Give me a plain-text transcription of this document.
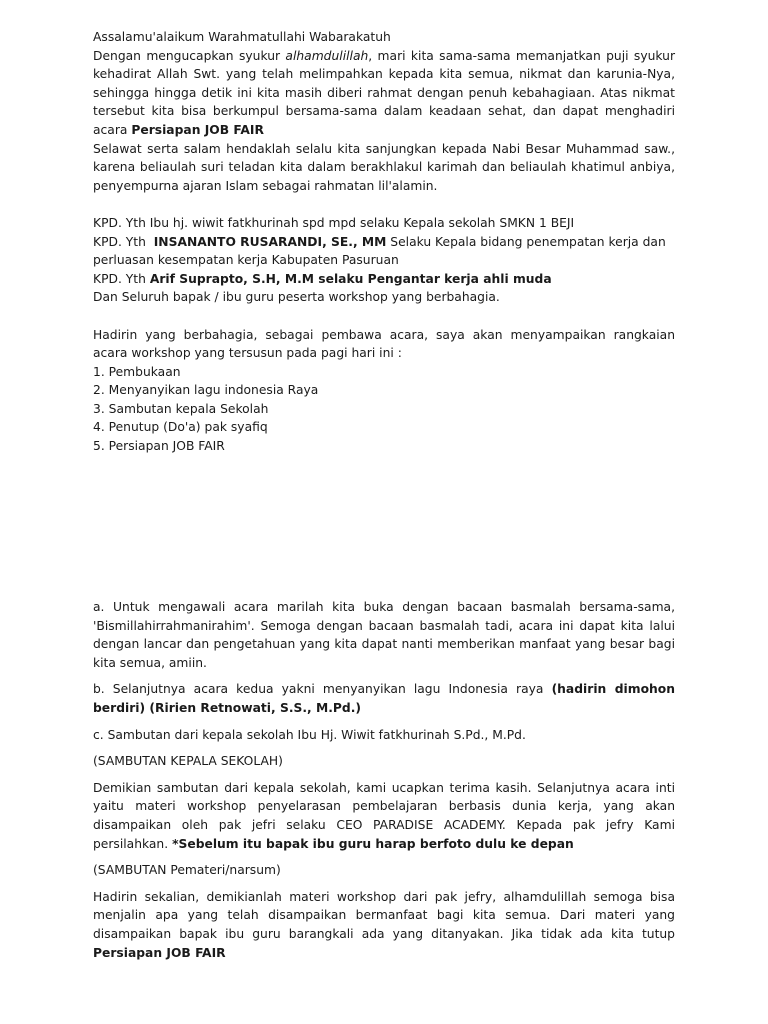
Assalamu'alaikum Warahmatullahi Wabarakatuh

Dengan mengucapkan syukur alhamdulillah, mari kita sama-sama memanjatkan puji syukur kehadirat Allah Swt. yang telah melimpahkan kepada kita semua, nikmat dan karunia-Nya, sehingga hingga detik ini kita masih diberi rahmat dengan penuh kebahagiaan. Atas nikmat tersebut kita bisa berkumpul bersama-sama dalam keadaan sehat, dan dapat menghadiri acara Persiapan JOB FAIR

Selawat serta salam hendaklah selalu kita sanjungkan kepada Nabi Besar Muhammad saw., karena beliaulah suri teladan kita dalam berakhlakul karimah dan beliaulah khatimul anbiya, penyempurna ajaran Islam sebagai rahmatan lil'alamin.

KPD. Yth Ibu hj. wiwit fatkhurinah spd mpd selaku Kepala sekolah SMKN 1 BEJI

KPD. Yth  INSANANTO RUSARANDI, SE., MM Selaku Kepala bidang penempatan kerja dan perluasan kesempatan kerja Kabupaten Pasuruan

KPD. Yth Arif Suprapto, S.H, M.M selaku Pengantar kerja ahli muda

Dan Seluruh bapak / ibu guru peserta workshop yang berbahagia.

Hadirin yang berbahagia, sebagai pembawa acara, saya akan menyampaikan rangkaian acara workshop yang tersusun pada pagi hari ini :

1. Pembukaan

2. Menyanyikan lagu indonesia Raya

3. Sambutan kepala Sekolah

4. Penutup (Do'a) pak syafiq

5. Persiapan JOB FAIR

a. Untuk mengawali acara marilah kita buka dengan bacaan basmalah bersama-sama, 'Bismillahirrahmanirahim'. Semoga dengan bacaan basmalah tadi, acara ini dapat kita lalui dengan lancar dan pengetahuan yang kita dapat nanti memberikan manfaat yang besar bagi kita semua, amiin.

b. Selanjutnya acara kedua yakni menyanyikan lagu Indonesia raya (hadirin dimohon berdiri) (Ririen Retnowati, S.S., M.Pd.)

c. Sambutan dari kepala sekolah Ibu Hj. Wiwit fatkhurinah S.Pd., M.Pd.

(SAMBUTAN KEPALA SEKOLAH)

Demikian sambutan dari kepala sekolah, kami ucapkan terima kasih. Selanjutnya acara inti yaitu materi workshop penyelarasan pembelajaran berbasis dunia kerja, yang akan disampaikan oleh pak jefri selaku CEO PARADISE ACADEMY. Kepada pak jefry Kami persilahkan. *Sebelum itu bapak ibu guru harap berfoto dulu ke depan

(SAMBUTAN Pemateri/narsum)

Hadirin sekalian, demikianlah materi workshop dari pak jefry, alhamdulillah semoga bisa menjalin apa yang telah disampaikan bermanfaat bagi kita semua. Dari materi yang disampaikan bapak ibu guru barangkali ada yang ditanyakan. Jika tidak ada kita tutup Persiapan JOB FAIR
